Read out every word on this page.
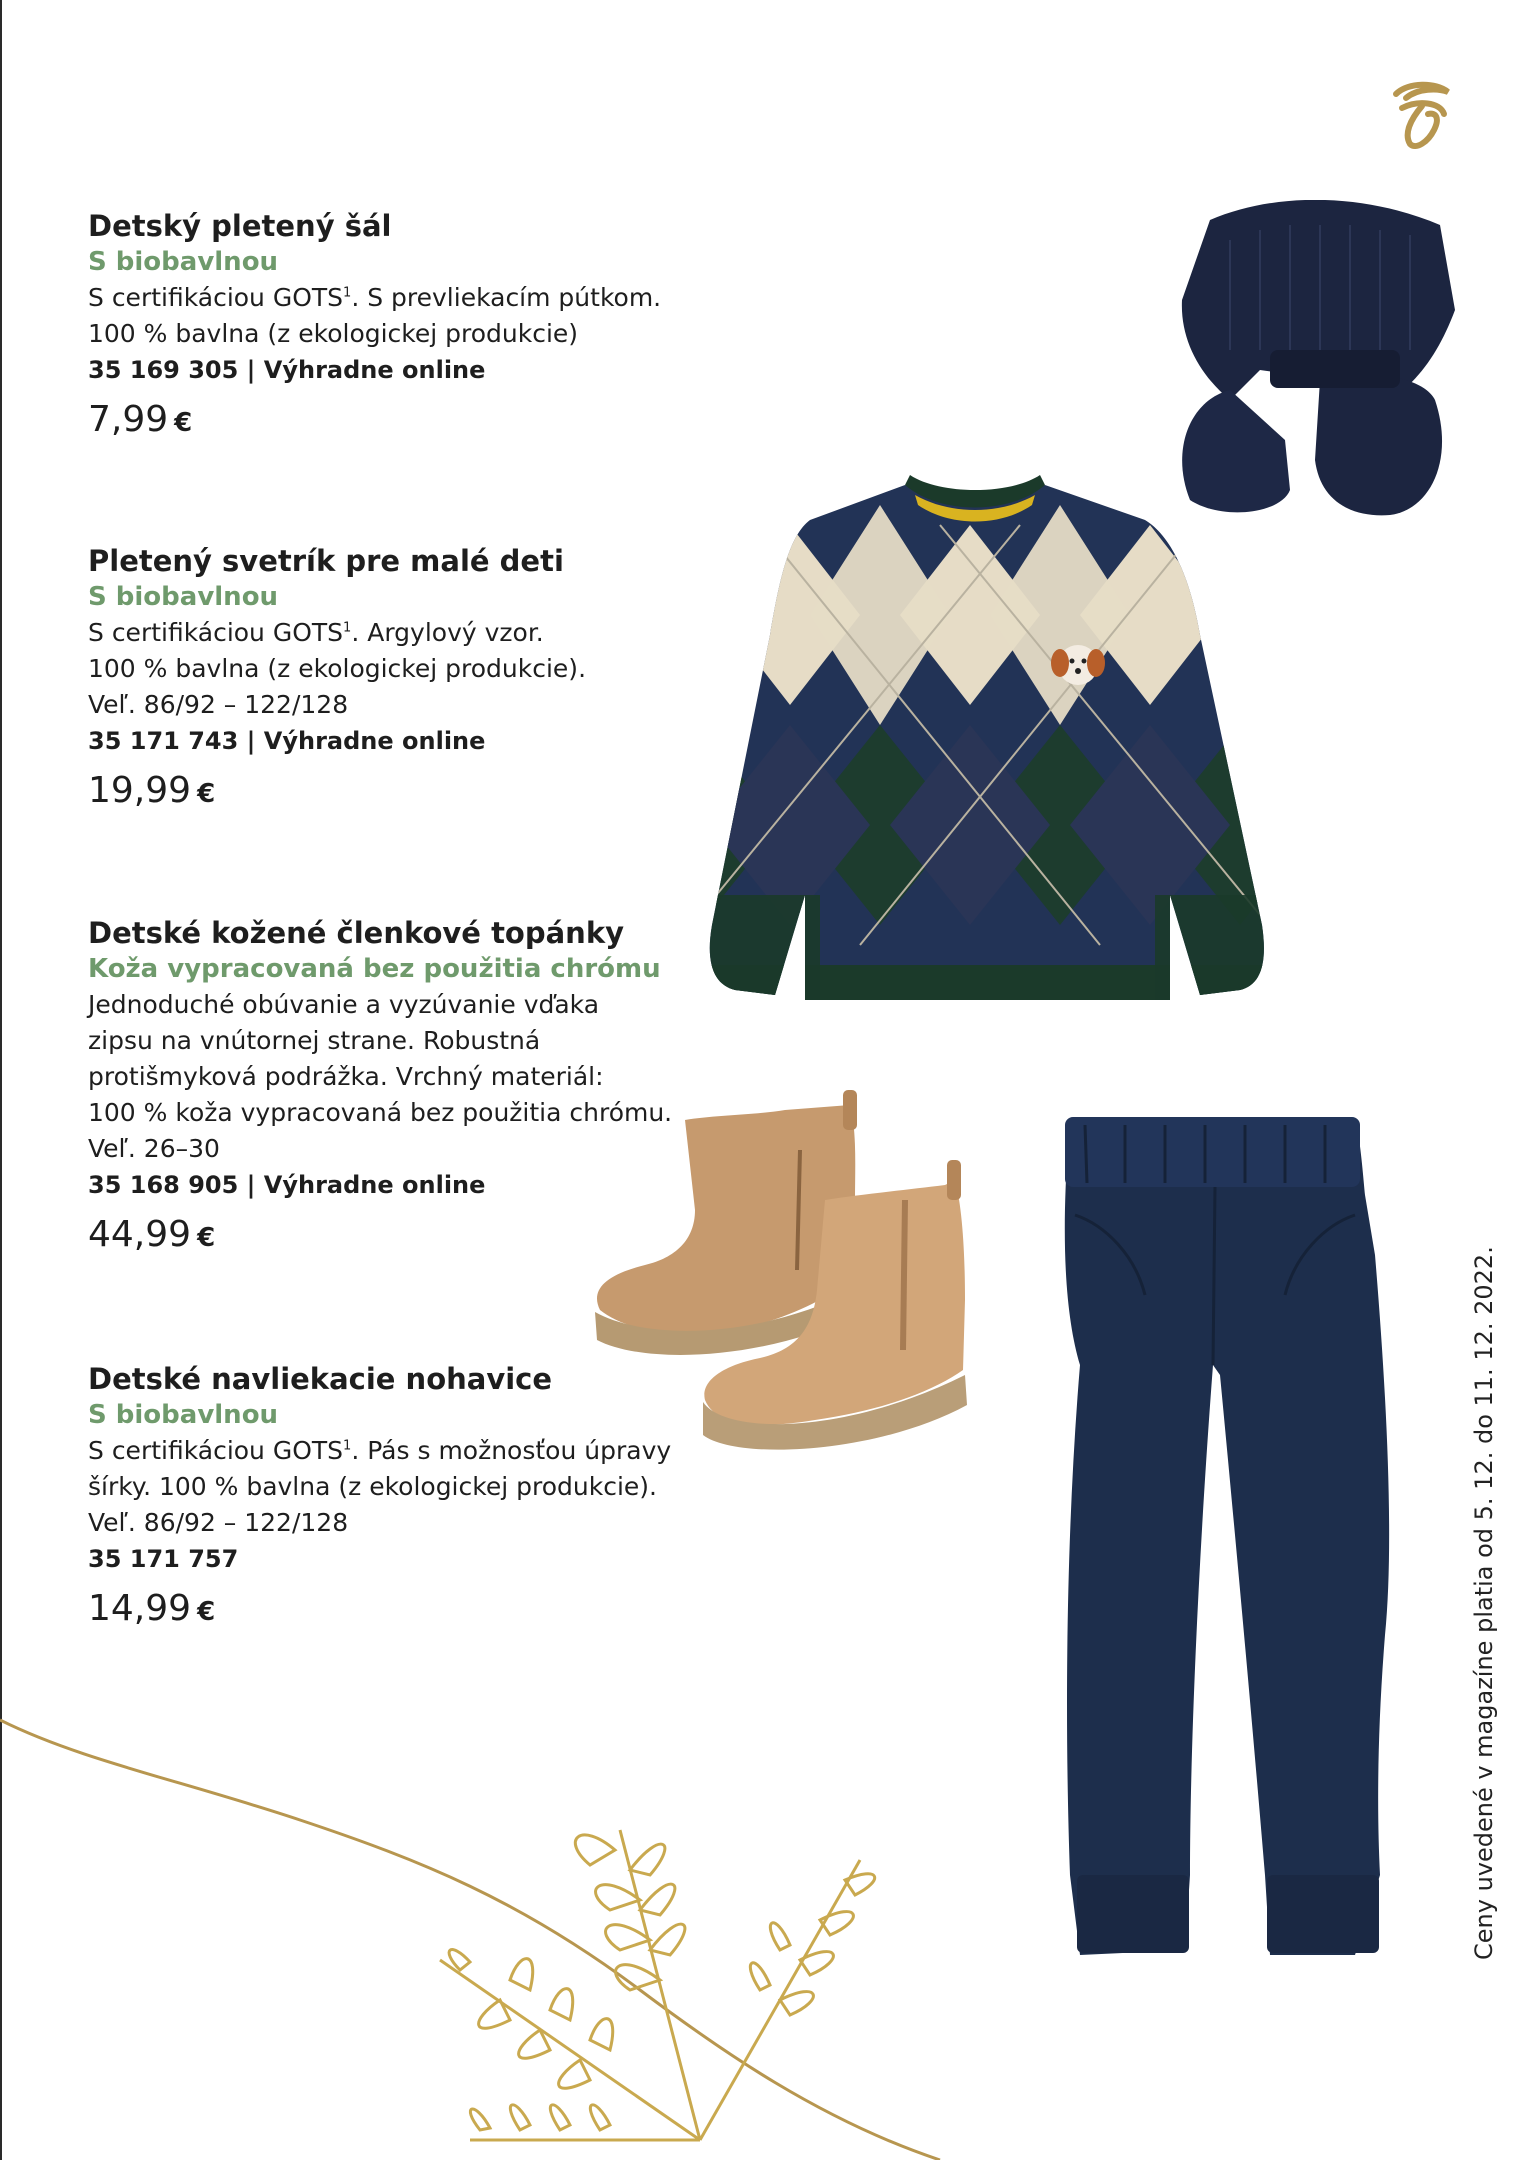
Detský pletený šál
S biobavlnou
S certifikáciou GOTS$^1$. S prevliekacím pútkom.
100 % bavlna (z ekologickej produkcie)
35 169 305 | Výhradne online
7,99 €
Pletený svetrík pre malé deti
S biobavlnou
S certifikáciou GOTS$^1$. Argylový vzor.
100 % bavlna (z ekologickej produkcie).
Veľ. 86/92 – 122/128
35 171 743 | Výhradne online
19,99 €
Detské kožené členkové topánky
Koža vypracovaná bez použitia chrómu
Jednoduché obúvanie a vyzúvanie vďaka
zipsu na vnútornej strane. Robustná
protišmyková podrážka. Vrchný materiál:
100 % koža vypracovaná bez použitia chrómu.
Veľ. 26–30
35 168 905 | Výhradne online
44,99 €
Detské navliekacie nohavice
S biobavlnou
S certifikáciou GOTS$^1$. Pás s možnosťou úpravy
šírky. 100 % bavlna (z ekologickej produkcie).
Veľ. 86/92 – 122/128
35 171 757
14,99 €	Ceny uvedené v magazíne platia od 5. 12. do 11. 12. 2022.
